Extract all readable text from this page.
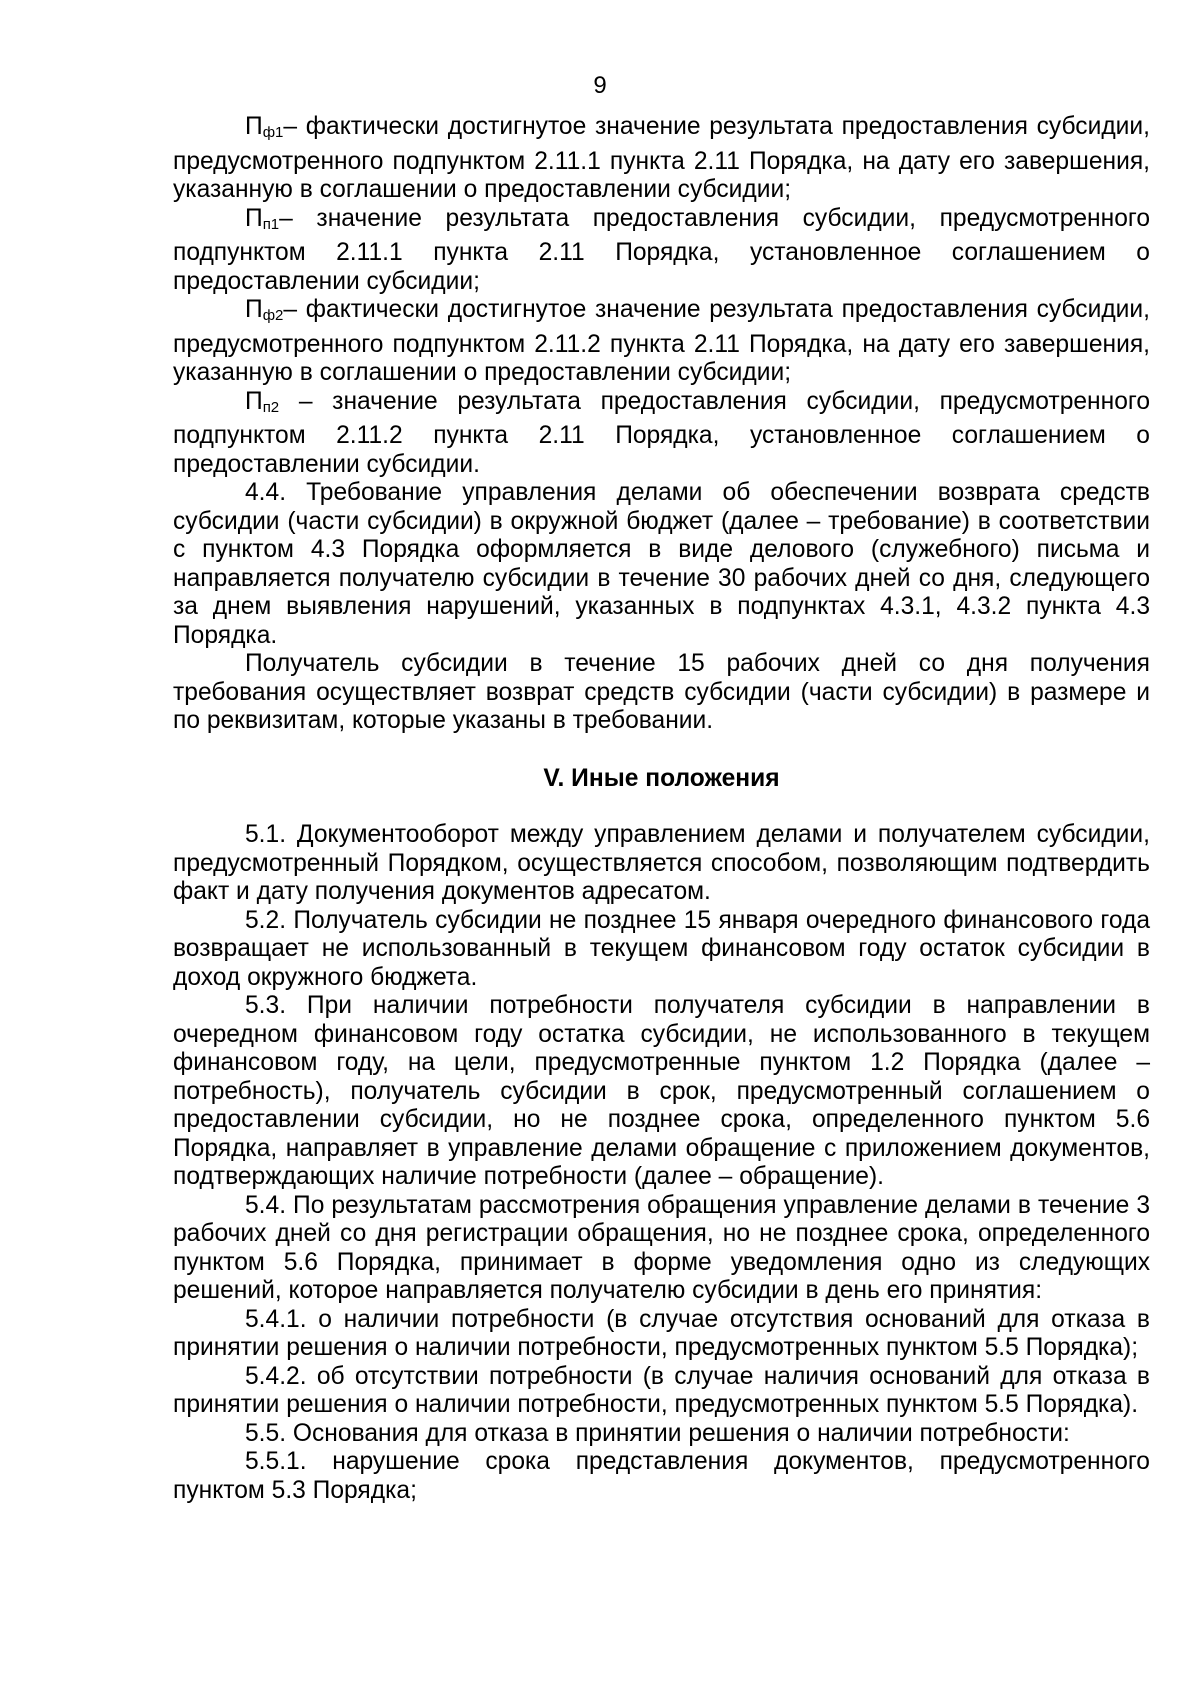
9

$П_{ф1}-$ фактически достигнутое значение результата предоставления субсидии, предусмотренного подпунктом 2.11.1 пункта 2.11 Порядка, на дату его завершения, указанную в соглашении о предоставлении субсидии;

$П_{п1}-$ значение результата предоставления субсидии, предусмотренного подпунктом 2.11.1 пункта 2.11 Порядка, установленное соглашением о предоставлении субсидии;

$П_{ф2}-$ фактически достигнутое значение результата предоставления субсидии, предусмотренного подпунктом 2.11.2 пункта 2.11 Порядка, на дату его завершения, указанную в соглашении о предоставлении субсидии;

$П_{п2}$ – значение результата предоставления субсидии, предусмотренного подпунктом 2.11.2 пункта 2.11 Порядка, установленное соглашением о предоставлении субсидии.

4.4. Требование управления делами об обеспечении возврата средств субсидии (части субсидии) в окружной бюджет (далее – требование) в соответствии с пунктом 4.3 Порядка оформляется в виде делового (служебного) письма и направляется получателю субсидии в течение 30 рабочих дней со дня, следующего за днем выявления нарушений, указанных в подпунктах 4.3.1, 4.3.2 пункта 4.3 Порядка.

Получатель субсидии в течение 15 рабочих дней со дня получения требования осуществляет возврат средств субсидии (части субсидии) в размере и по реквизитам, которые указаны в требовании.

V. Иные положения

5.1. Документооборот между управлением делами и получателем субсидии, предусмотренный Порядком, осуществляется способом, позволяющим подтвердить факт и дату получения документов адресатом.

5.2. Получатель субсидии не позднее 15 января очередного финансового года возвращает не использованный в текущем финансовом году остаток субсидии в доход окружного бюджета.

5.3. При наличии потребности получателя субсидии в направлении в очередном финансовом году остатка субсидии, не использованного в текущем финансовом году, на цели, предусмотренные пунктом 1.2 Порядка (далее – потребность), получатель субсидии в срок, предусмотренный соглашением о предоставлении субсидии, но не позднее срока, определенного пунктом 5.6 Порядка, направляет в управление делами обращение с приложением документов, подтверждающих наличие потребности (далее – обращение).

5.4. По результатам рассмотрения обращения управление делами в течение 3 рабочих дней со дня регистрации обращения, но не позднее срока, определенного пунктом 5.6 Порядка, принимает в форме уведомления одно из следующих решений, которое направляется получателю субсидии в день его принятия:

5.4.1. о наличии потребности (в случае отсутствия оснований для отказа в принятии решения о наличии потребности, предусмотренных пунктом 5.5 Порядка);

5.4.2. об отсутствии потребности (в случае наличия оснований для отказа в принятии решения о наличии потребности, предусмотренных пунктом 5.5 Порядка).

5.5. Основания для отказа в принятии решения о наличии потребности:

5.5.1. нарушение срока представления документов, предусмотренного пунктом 5.3 Порядка;
